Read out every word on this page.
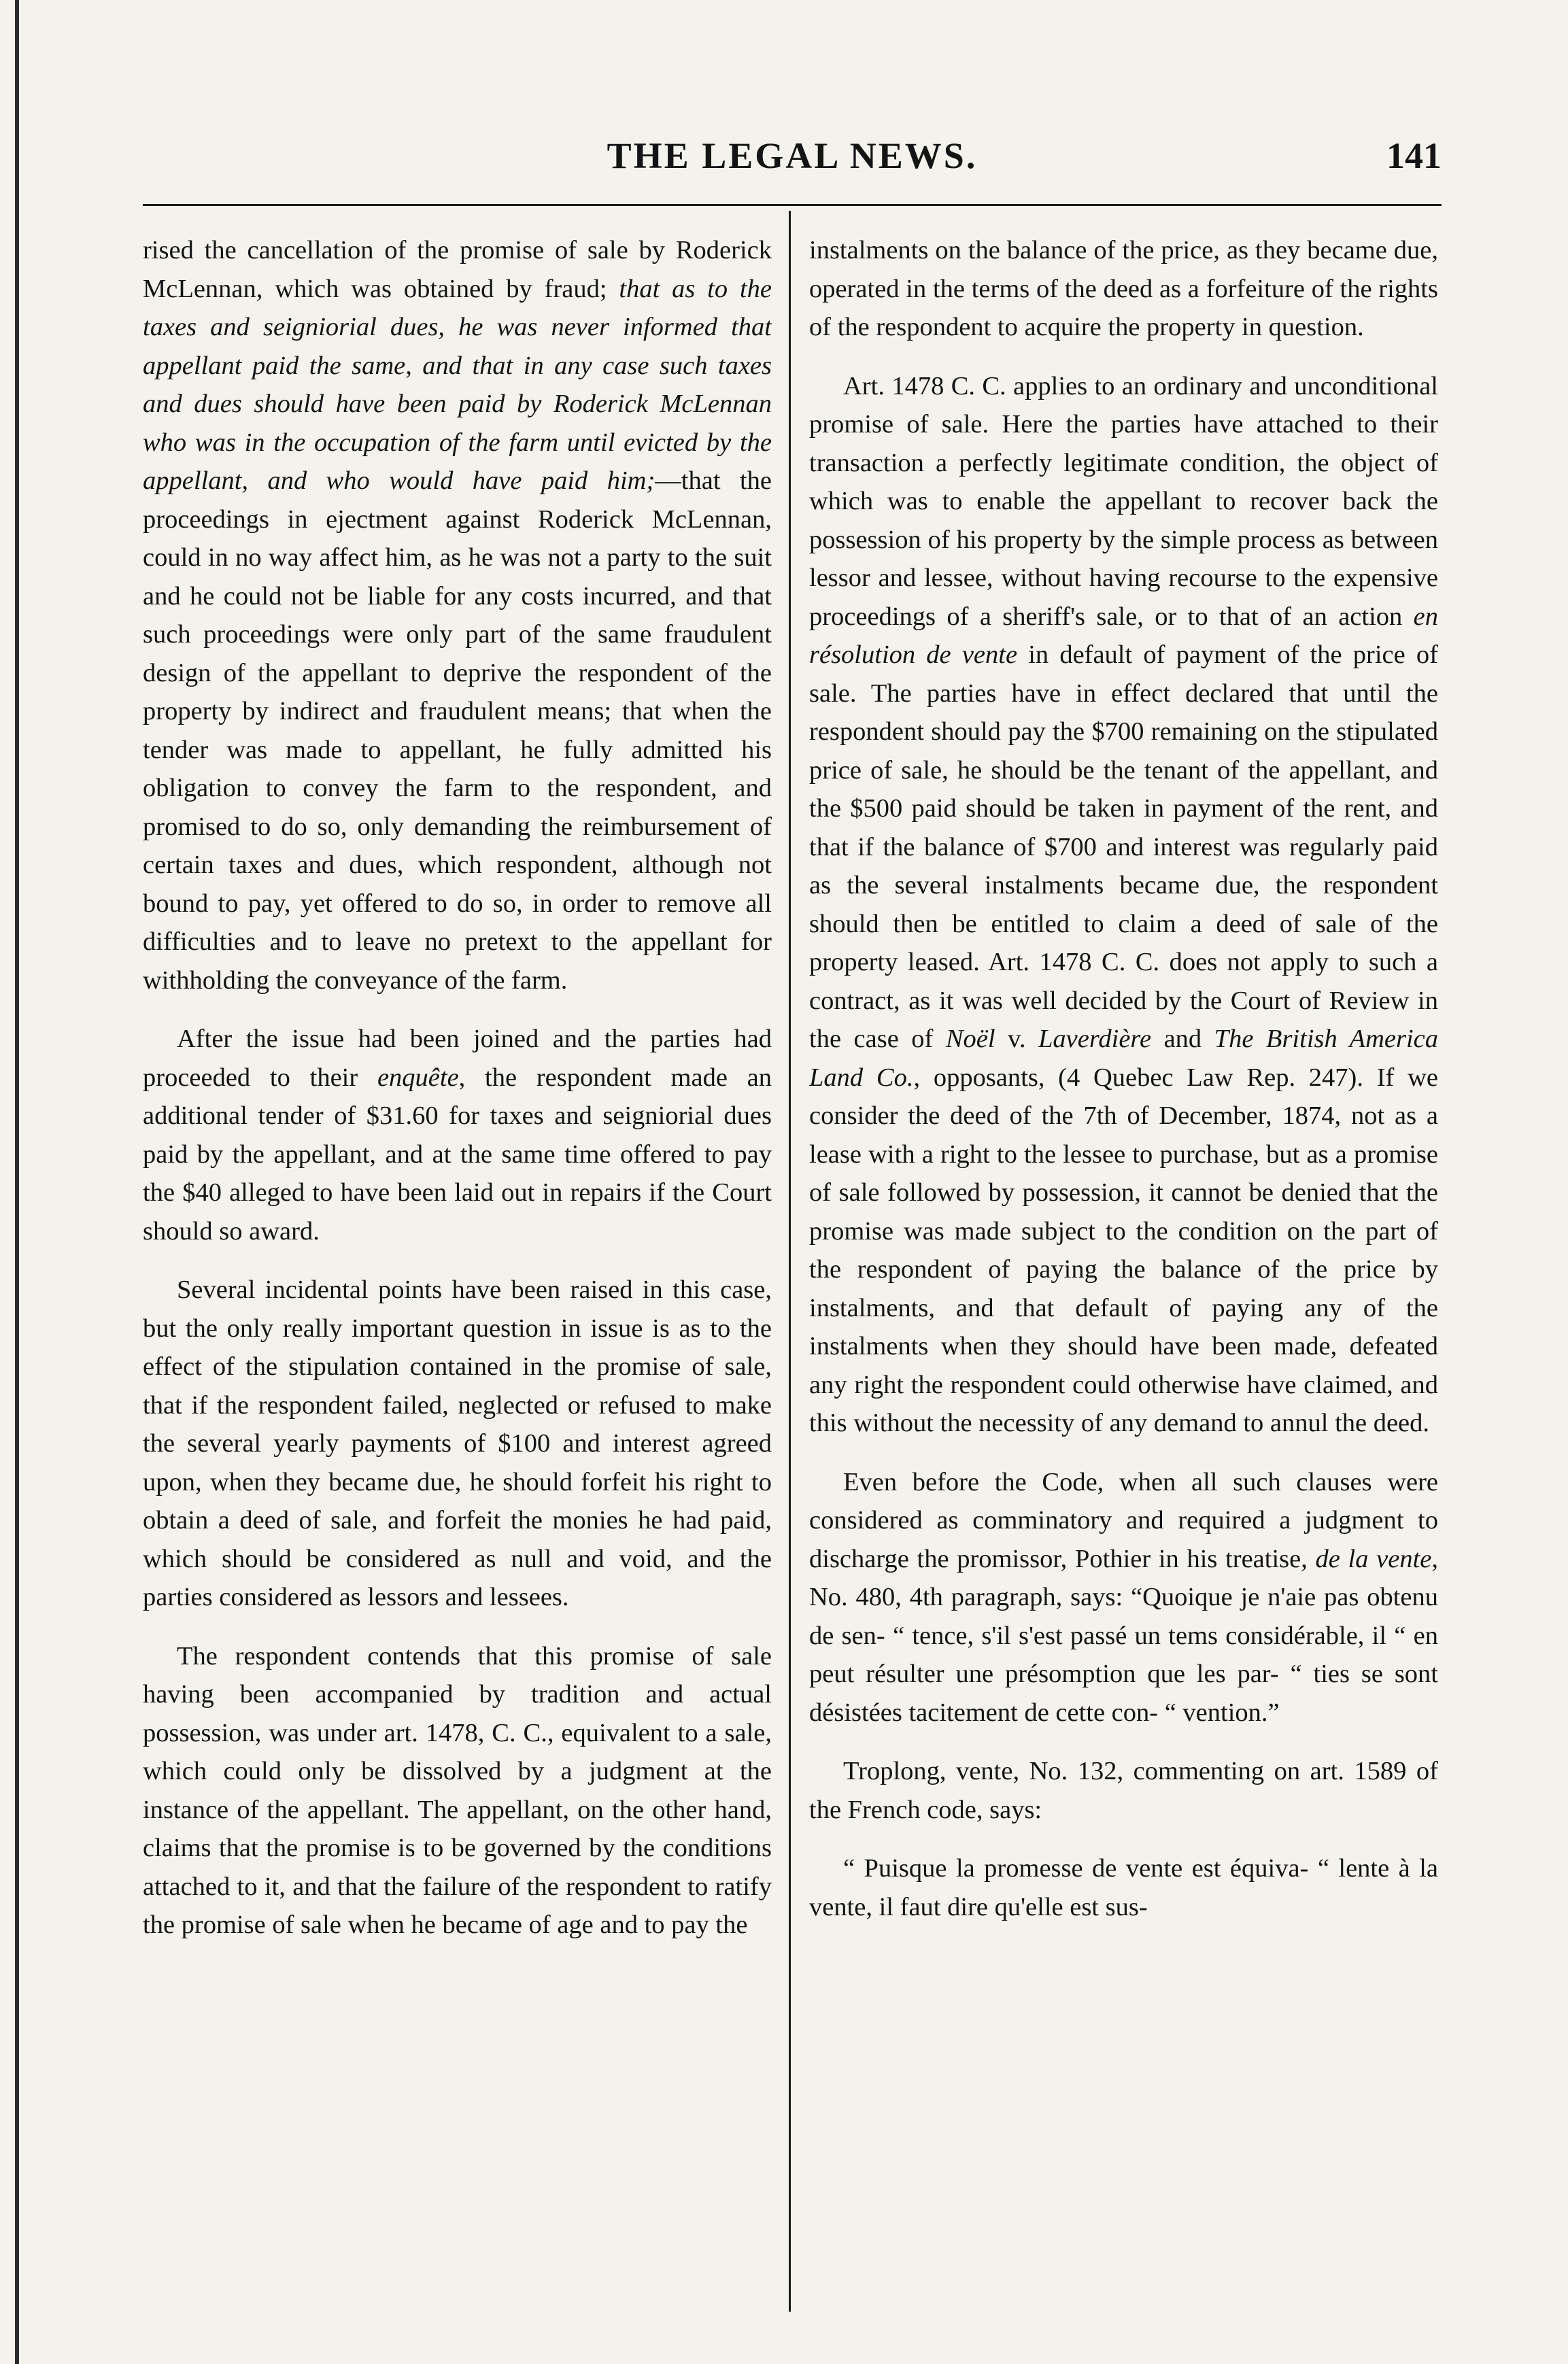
THE LEGAL NEWS.	141

rised the cancellation of the promise of sale by Roderick McLennan, which was obtained by fraud; that as to the taxes and seigniorial dues, he was never informed that appellant paid the same, and that in any case such taxes and dues should have been paid by Roderick McLennan who was in the occupation of the farm until evicted by the appellant, and who would have paid him;—that the proceedings in ejectment against Roderick McLennan, could in no way affect him, as he was not a party to the suit and he could not be liable for any costs incurred, and that such proceedings were only part of the same fraudulent design of the appellant to deprive the respondent of the property by indirect and fraudulent means; that when the tender was made to appellant, he fully admitted his obligation to convey the farm to the respondent, and promised to do so, only demanding the reimbursement of certain taxes and dues, which respondent, although not bound to pay, yet offered to do so, in order to remove all difficulties and to leave no pretext to the appellant for withholding the conveyance of the farm.

After the issue had been joined and the parties had proceeded to their enquête, the respondent made an additional tender of $31.60 for taxes and seigniorial dues paid by the appellant, and at the same time offered to pay the $40 alleged to have been laid out in repairs if the Court should so award.

Several incidental points have been raised in this case, but the only really important question in issue is as to the effect of the stipulation contained in the promise of sale, that if the respondent failed, neglected or refused to make the several yearly payments of $100 and interest agreed upon, when they became due, he should forfeit his right to obtain a deed of sale, and forfeit the monies he had paid, which should be considered as null and void, and the parties considered as lessors and lessees.

The respondent contends that this promise of sale having been accompanied by tradition and actual possession, was under art. 1478, C. C., equivalent to a sale, which could only be dissolved by a judgment at the instance of the appellant. The appellant, on the other hand, claims that the promise is to be governed by the conditions attached to it, and that the failure of the respondent to ratify the promise of sale when he became of age and to pay the

instalments on the balance of the price, as they became due, operated in the terms of the deed as a forfeiture of the rights of the respondent to acquire the property in question.

Art. 1478 C. C. applies to an ordinary and unconditional promise of sale. Here the parties have attached to their transaction a perfectly legitimate condition, the object of which was to enable the appellant to recover back the possession of his property by the simple process as between lessor and lessee, without having recourse to the expensive proceedings of a sheriff's sale, or to that of an action en résolution de vente in default of payment of the price of sale. The parties have in effect declared that until the respondent should pay the $700 remaining on the stipulated price of sale, he should be the tenant of the appellant, and the $500 paid should be taken in payment of the rent, and that if the balance of $700 and interest was regularly paid as the several instalments became due, the respondent should then be entitled to claim a deed of sale of the property leased. Art. 1478 C. C. does not apply to such a contract, as it was well decided by the Court of Review in the case of Noël v. Laverdière and The British America Land Co., opposants, (4 Quebec Law Rep. 247). If we consider the deed of the 7th of December, 1874, not as a lease with a right to the lessee to purchase, but as a promise of sale followed by possession, it cannot be denied that the promise was made subject to the condition on the part of the respondent of paying the balance of the price by instalments, and that default of paying any of the instalments when they should have been made, defeated any right the respondent could otherwise have claimed, and this without the necessity of any demand to annul the deed.

Even before the Code, when all such clauses were considered as comminatory and required a judgment to discharge the promissor, Pothier in his treatise, de la vente, No. 480, 4th paragraph, says: “Quoique je n'aie pas obtenu de sen- “ tence, s'il s'est passé un tems considérable, il “ en peut résulter une présomption que les par- “ ties se sont désistées tacitement de cette con- “ vention.”

Troplong, vente, No. 132, commenting on art. 1589 of the French code, says:

“ Puisque la promesse de vente est équiva- “ lente à la vente, il faut dire qu'elle est sus-
